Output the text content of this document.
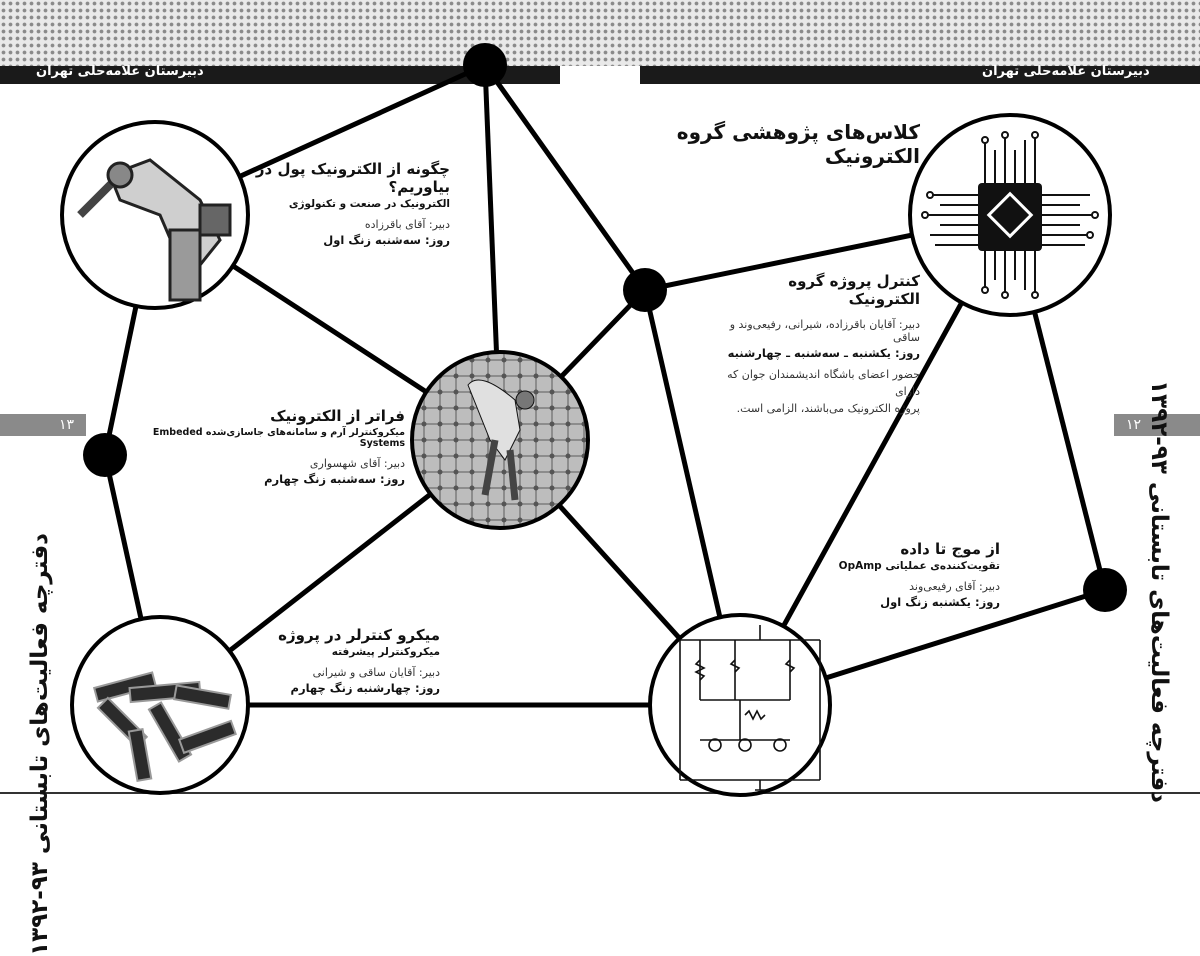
دبیرستان علامه‌حلی تهران	دبیرستان علامه‌حلی تهران
۱۳	۱۲
دفترچه فعالیت‌های تابستانی ۹۳-۱۳۹۲
دفترچه فعالیت‌های تابستانی ۹۳-۱۳۹۲
کلاس‌های پژوهشی گروه الکترونیک
چگونه از الکترونیک پول در بیاوریم؟
الکترونیک در صنعت و تکنولوژی
دبیر: آقای باقرزاده
روز: سه‌شنبه زنگ اول
فراتر از الکترونیک
میکروکنترلر آرم و سامانه‌های جاسازی‌شده Embeded Systems
دبیر: آقای شهسواری
روز: سه‌شنبه زنگ چهارم
میکرو کنترلر در پروژه
میکروکنترلر پیشرفته
دبیر: آقایان ساقی و شیرانی
روز: چهارشنبه زنگ چهارم
کنترل پروژه گروه الکترونیک
دبیر: آقایان باقرزاده، شیرانی، رفیعی‌وند و ساقی
روز: یکشنبه ـ سه‌شنبه ـ چهارشنبه
حضور اعضای باشگاه اندیشمندان جوان که دارای
پروژه الکترونیک می‌باشند، الزامی است.
از موج تا داده
تقویت‌کننده‌ی عملیاتی OpAmp
دبیر: آقای رفیعی‌وند
روز: یکشنبه زنگ اول
